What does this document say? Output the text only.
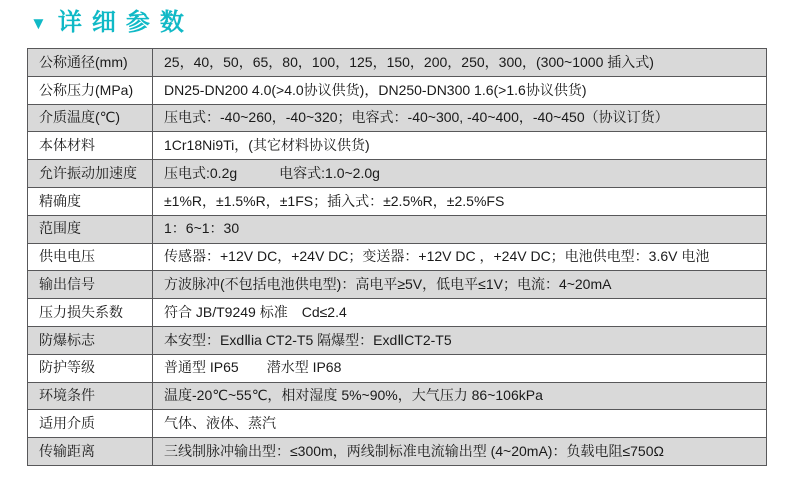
▼ 详细参数
公称通径(mm)	25，40，50，65，80，100，125，150，200，250，300，(300~1000 插入式)
公称压力(MPa)	DN25-DN200 4.0(>4.0协议供货)，DN250-DN300 1.6(>1.6协议供货)
介质温度(℃)	压电式：-40~260，-40~320；电容式：-40~300, -40~400，-40~450（协议订货）
本体材料	1Cr18Ni9Ti，(其它材料协议供货)
允许振动加速度	压电式:0.2g　　　电容式:1.0~2.0g
精确度	±1%R，±1.5%R，±1FS；插入式：±2.5%R，±2.5%FS
范围度	1：6~1：30
供电电压	传感器：+12V DC，+24V DC；变送器：+12V DC ，+24V DC；电池供电型：3.6V 电池
输出信号	方波脉冲(不包括电池供电型)：高电平≥5V，低电平≤1V；电流：4~20mA
压力损失系数	符合 JB/T9249 标准　Cd≤2.4
防爆标志	本安型：ExdⅡia CT2-T5 隔爆型：ExdⅡCT2-T5
防护等级	普通型 IP65　　潜水型 IP68
环境条件	温度-20℃~55℃，相对湿度 5%~90%，大气压力 86~106kPa
适用介质	气体、液体、蒸汽
传输距离	三线制脉冲输出型：≤300m，两线制标准电流输出型 (4~20mA)：负载电阻≤750Ω
